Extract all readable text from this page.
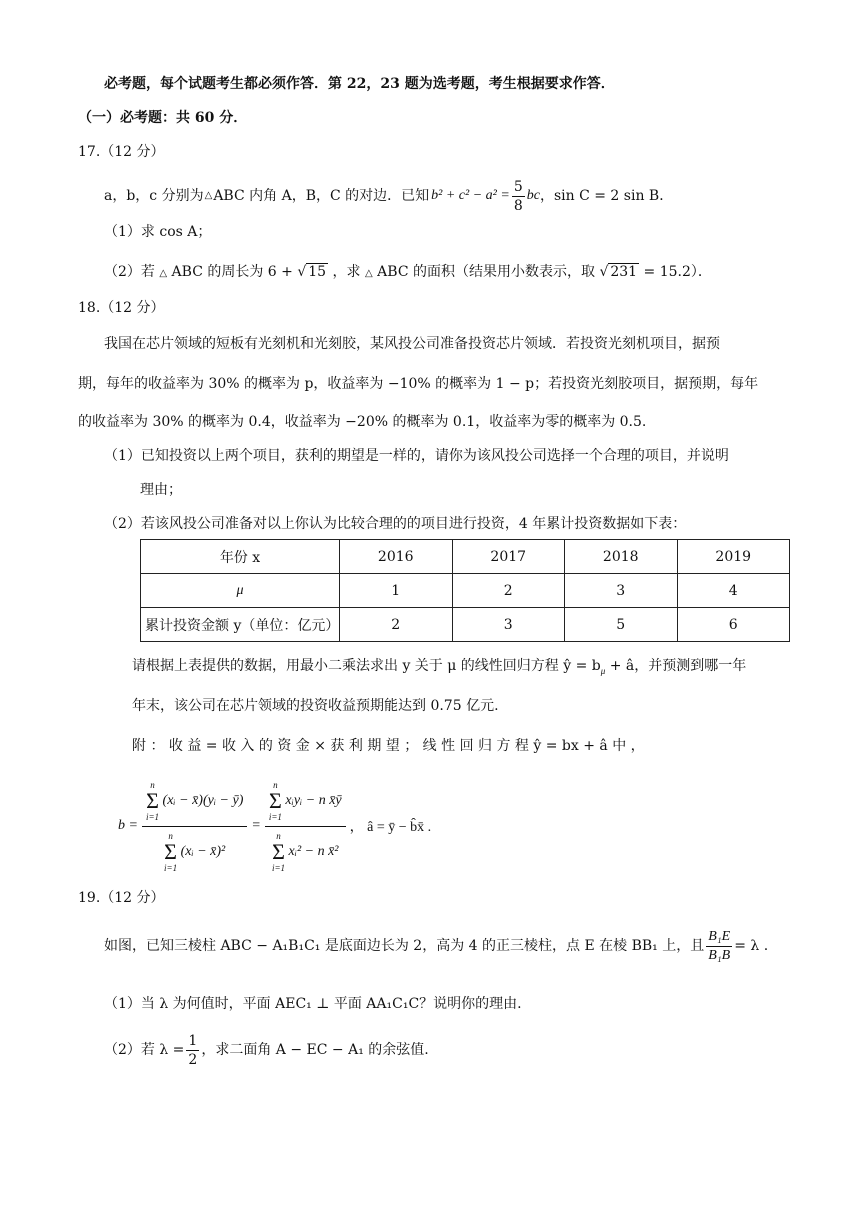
必考题，每个试题考生都必须作答．第 22，23 题为选考题，考生根据要求作答．
（一）必考题：共 60 分．
17.（12 分）
a，b，c 分别为 △ ABC 内角 A，B，C 的对边．已知 $b^2 + c^2 - a^2 = \frac{5}{8}$ bc ，sin C = 2 sin B．
（1）求 cos A；
（2）若 △ ABC 的周长为 6 + √ 15 ，求 △ ABC 的面积（结果用小数表示，取 √ 231 = 15.2）．
18.（12 分）
我国在芯片领域的短板有光刻机和光刻胶，某风投公司准备投资芯片领域．若投资光刻机项目，据预
期，每年的收益率为 30% 的概率为 p，收益率为 −10% 的概率为 1 − p；若投资光刻胶项目，据预期，每年
的收益率为 30% 的概率为 0.4，收益率为 −20% 的概率为 0.1，收益率为零的概率为 0.5.
（1）已知投资以上两个项目，获利的期望是一样的，请你为该风投公司选择一个合理的项目，并说明
理由；
（2）若该风投公司准备对以上你认为比较合理的的项目进行投资，4 年累计投资数据如下表：
年份 x	2016	2017	2018	2019
μ	1	2	3	4
累计投资金额 y（单位：亿元）	2	3	5	6
请根据上表提供的数据，用最小二乘法求出 y 关于 μ 的线性回归方程 ŷ = $b_\mu$ + â，并预测到哪一年
年末，该公司在芯片领域的投资收益预期能达到 0.75 亿元.
附 ： 收 益 = 收 入 的 资 金 × 获 利 期 望 ； 线 性 回 归 方 程 ŷ = bx + â 中 ，
b =
n
Σ
i=1
(xᵢ − x̄)(yᵢ − ȳ)
n
Σ
i=1
(xᵢ − x̄)²
=
n
Σ
i=1
xᵢyᵢ − n x̄ȳ
n
Σ
i=1
xᵢ² − n x̄²
， â = ȳ − b̂x̄ .
19.（12 分）
如图，已知三棱柱 ABC − A₁B₁C₁ 是底面边长为 2，高为 4 的正三棱柱，点 E 在棱 BB₁ 上，且 $\frac{\text{B₁E}}{\text{B₁B}} = \lambda$ .
（1）当 λ 为何值时，平面 AEC₁ ⊥ 平面 AA₁C₁C？说明你的理由.
（2）若 $\lambda = \frac{1}{2}$ ，求二面角 A − EC − A₁ 的余弦值.
